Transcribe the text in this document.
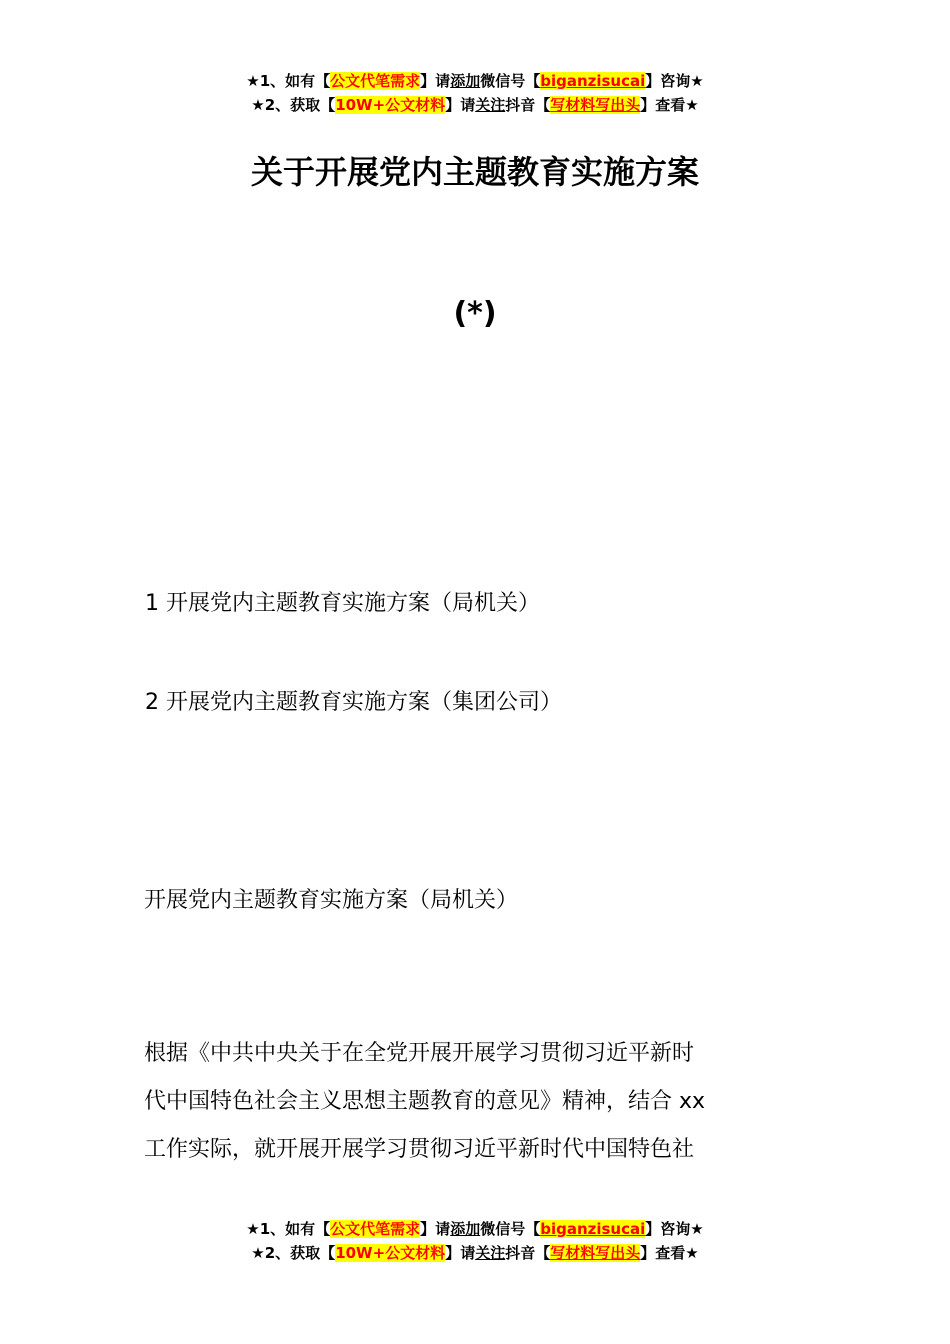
★1、如有【公文代笔需求】请添加微信号【biganzisucai】咨询★
★2、获取【10W+公文材料】请关注抖音【写材料写出头】查看★
关于开展党内主题教育实施方案
(*)
1 开展党内主题教育实施方案（局机关）
2 开展党内主题教育实施方案（集团公司）
开展党内主题教育实施方案（局机关）
根据《中共中央关于在全党开展开展学习贯彻习近平新时
代中国特色社会主义思想主题教育的意见》精神，结合 xx
工作实际，就开展开展学习贯彻习近平新时代中国特色社
★1、如有【公文代笔需求】请添加微信号【biganzisucai】咨询★
★2、获取【10W+公文材料】请关注抖音【写材料写出头】查看★
